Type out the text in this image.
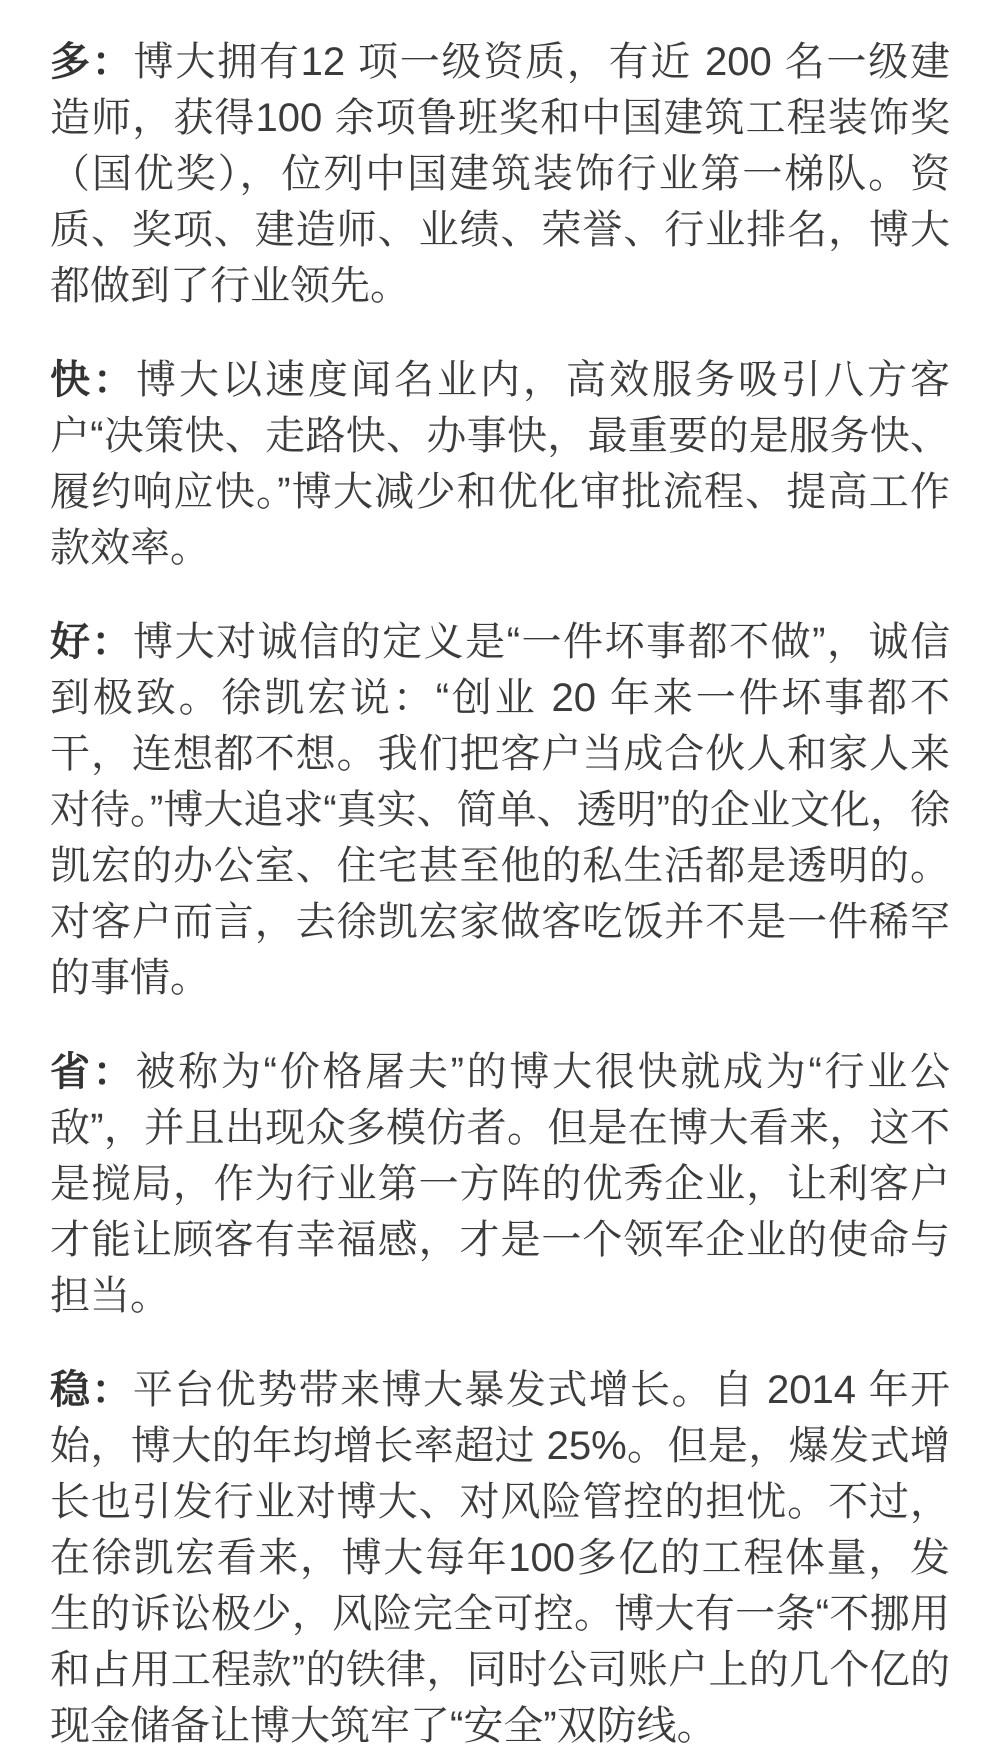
多：博大拥有12 项一级资质，有近 200 名一级建造师，获得100 余项鲁班奖和中国建筑工程装饰奖（国优奖），位列中国建筑装饰行业第一梯队。资质、奖项、建造师、业绩、荣誉、行业排名，博大都做到了行业领先。

快：博大以速度闻名业内，高效服务吸引八方客户“决策快、走路快、办事快，最重要的是服务快、履约响应快。”博大减少和优化审批流程、提高工作款效率。

好：博大对诚信的定义是“一件坏事都不做”，诚信到极致。徐凯宏说：“创业 20 年来一件坏事都不干，连想都不想。我们把客户当成合伙人和家人来对待。”博大追求“真实、简单、透明”的企业文化，徐凯宏的办公室、住宅甚至他的私生活都是透明的。对客户而言，去徐凯宏家做客吃饭并不是一件稀罕的事情。

省：被称为“价格屠夫”的博大很快就成为“行业公敌”，并且出现众多模仿者。但是在博大看来，这不是搅局，作为行业第一方阵的优秀企业，让利客户才能让顾客有幸福感，才是一个领军企业的使命与担当。

稳：平台优势带来博大暴发式增长。自 2014 年开始，博大的年均增长率超过 25%。但是，爆发式增长也引发行业对博大、对风险管控的担忧。不过，在徐凯宏看来，博大每年100多亿的工程体量，发生的诉讼极少，风险完全可控。博大有一条“不挪用和占用工程款”的铁律，同时公司账户上的几个亿的现金储备让博大筑牢了“安全”双防线。
